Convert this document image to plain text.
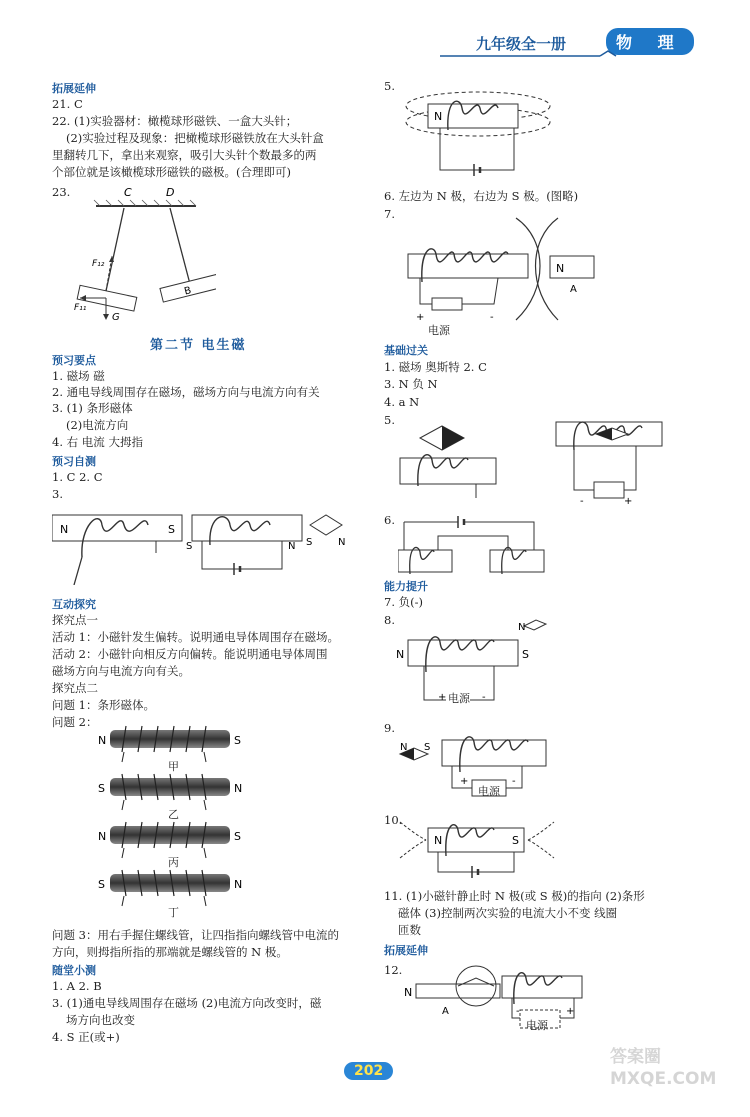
九年级全一册	物 理
拓展延伸
21. C
22. (1)实验器材：橄榄球形磁铁、一盒大头针；
(2)实验过程及现象：把橄榄球形磁铁放在大头针盒
里翻转几下，拿出来观察，吸引大头针个数最多的两
个部位就是该橄榄球形磁铁的磁极。(合理即可)
23.	C	D
B
F₁₂
F₁₁
G
第二节 电生磁
预习要点
1. 磁场 磁
2. 通电导线周围存在磁场，磁场方向与电流方向有关
3. (1) 条形磁体
(2)电流方向
4. 右 电流 大拇指
预习自测
1. C 2. C
3.
N	S
S	N S	N
互动探究
探究点一
活动 1：小磁针发生偏转。说明通电导体周围存在磁场。
活动 2：小磁针向相反方向偏转。能说明通电导体周围
磁场方向与电流方向有关。
探究点二
问题 1：条形磁体。
问题 2：
N	S
S	N
N	S
S	N
甲
乙
丙
丁
问题 3：用右手握住螺线管，让四指指向螺线管中电流的
方向，则拇指所指的那端就是螺线管的 N 极。
随堂小测
1. A 2. B
3. (1)通电导线周围存在磁场 (2)电流方向改变时，磁
场方向也改变
4. S 正(或+)
5.
N
6. 左边为 N 极，右边为 S 极。(图略)
7.
N
A
+	-
电源
基础过关
1. 磁场 奥斯特 2. C
3. N 负 N
4. a N
5.
-	+
6.
能力提升
7. 负(-)
8.
N
N	S
+	-
电源
9.
N S
+	-
电源
10.
N	S
11. (1)小磁针静止时 N 极(或 S 极)的指向 (2)条形
磁体 (3)控制两次实验的电流大小不变 线圈
匝数
拓展延伸
12.
N
A	-	+
电源
202
答案圈 MXQE.COM
